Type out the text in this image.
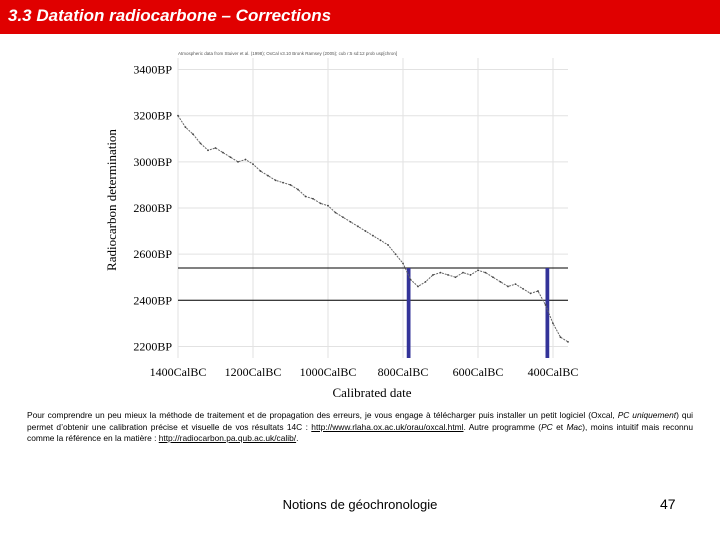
3.3 Datation radiocarbone – Corrections
Atmospheric data from Stuiver et al. (1998); OxCal v3.10 Bronk Ramsey (2005); cub r:5 sd:12 prob usp[chron]
3400BP
3200BP
3000BP
2800BP
2600BP
2400BP
2200BP
1400CalBC 1200CalBC 1000CalBC 800CalBC 600CalBC 400CalBC
Calibrated date
Radiocarbon determination
Pour comprendre un peu mieux la méthode de traitement et de propagation des erreurs, je vous engage à télécharger puis installer un petit logiciel (Oxcal, PC uniquement) qui permet d’obtenir une calibration précise et visuelle de vos résultats 14C : http://www.rlaha.ox.ac.uk/orau/oxcal.html. Autre programme (PC et Mac), moins intuitif mais reconnu comme la référence en la matière : http://radiocarbon.pa.qub.ac.uk/calib/.
Notions de géochronologie	47
